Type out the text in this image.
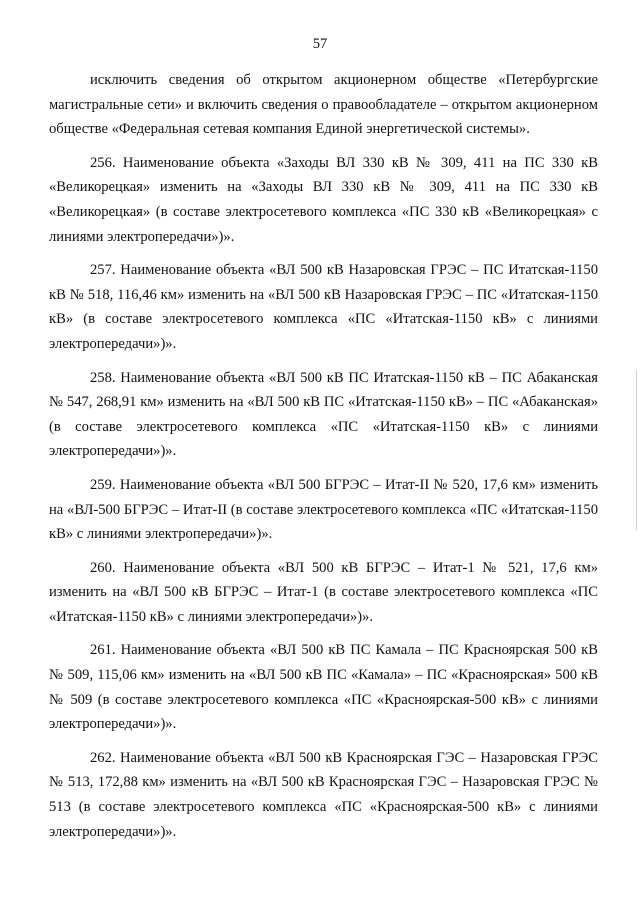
57

исключить сведения об открытом акционерном обществе «Петербургские магистральные сети» и включить сведения о правообладателе – открытом акционерном обществе «Федеральная сетевая компания Единой энергетической системы».

256. Наименование объекта «Заходы ВЛ 330 кВ № 309, 411 на ПС 330 кВ «Великорецкая» изменить на «Заходы ВЛ 330 кВ № 309, 411 на ПС 330 кВ «Великорецкая» (в составе электросетевого комплекса «ПС 330 кВ «Великорецкая» с линиями электропередачи»)».

257. Наименование объекта «ВЛ 500 кВ Назаровская ГРЭС – ПС Итатская-1150 кВ № 518, 116,46 км» изменить на «ВЛ 500 кВ Назаровская ГРЭС – ПС «Итатская-1150 кВ» (в составе электросетевого комплекса «ПС «Итатская-1150 кВ» с линиями электропередачи»)».

258. Наименование объекта «ВЛ 500 кВ ПС Итатская-1150 кВ – ПС Абаканская № 547, 268,91 км» изменить на «ВЛ 500 кВ ПС «Итатская-1150 кВ» – ПС «Абаканская» (в составе электросетевого комплекса «ПС «Итатская-1150 кВ» с линиями электропередачи»)».

259. Наименование объекта «ВЛ 500 БГРЭС – Итат-II № 520, 17,6 км» изменить на «ВЛ-500 БГРЭС – Итат-II (в составе электросетевого комплекса «ПС «Итатская-1150 кВ» с линиями электропередачи»)».

260. Наименование объекта «ВЛ 500 кВ БГРЭС – Итат-1 № 521, 17,6 км» изменить на «ВЛ 500 кВ БГРЭС – Итат-1 (в составе электросетевого комплекса «ПС «Итатская-1150 кВ» с линиями электропередачи»)».

261. Наименование объекта «ВЛ 500 кВ ПС Камала – ПС Красноярская 500 кВ № 509, 115,06 км» изменить на «ВЛ 500 кВ ПС «Камала» – ПС «Красноярская» 500 кВ № 509 (в составе электросетевого комплекса «ПС «Красноярская-500 кВ» с линиями электропередачи»)».

262. Наименование объекта «ВЛ 500 кВ Красноярская ГЭС – Назаровская ГРЭС № 513, 172,88 км» изменить на «ВЛ 500 кВ Красноярская ГЭС – Назаровская ГРЭС № 513 (в составе электросетевого комплекса «ПС «Красноярская-500 кВ» с линиями электропередачи»)».
